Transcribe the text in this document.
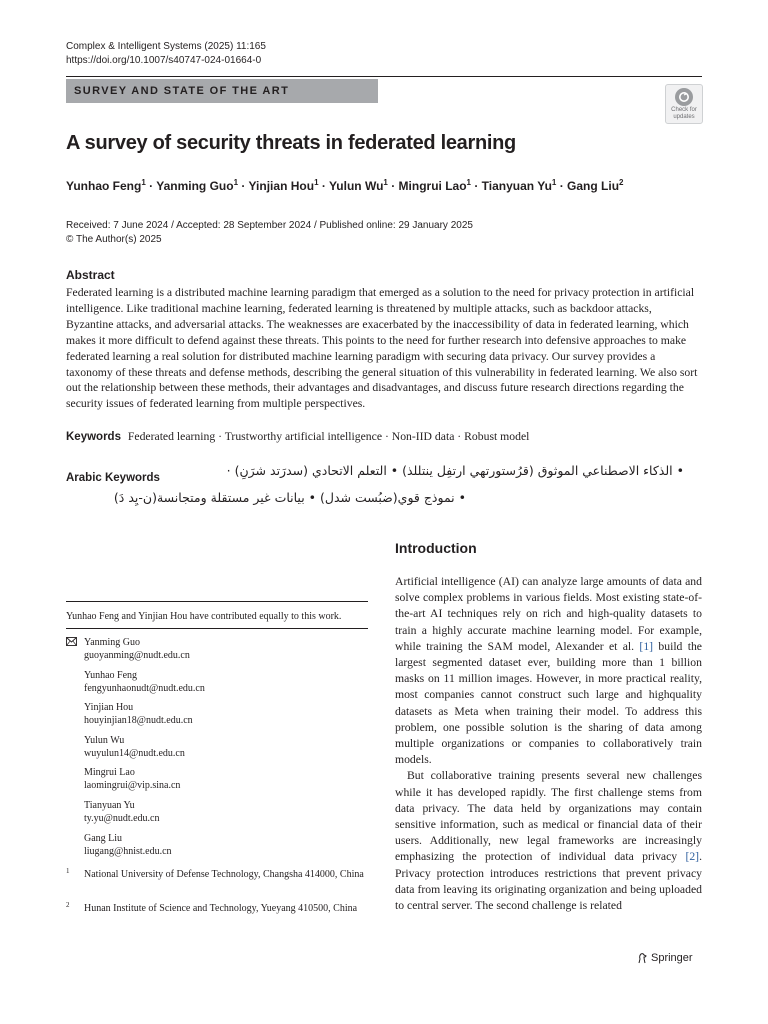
Complex & Intelligent Systems (2025) 11:165
https://doi.org/10.1007/s40747-024-01664-0
SURVEY AND STATE OF THE ART
Check for
updates
A survey of security threats in federated learning
Yunhao Feng$^1$ · Yanming Guo$^1$ · Yinjian Hou$^1$ · Yulun $Wu^1$ · Mingrui Lao$^1$ · Tianyuan $Yu^1$ · Gang Liu$^2$
Received: 7 June 2024 / Accepted: 28 September 2024 / Published online: 29 January 2025
© The Author(s) 2025
Abstract
Federated learning is a distributed machine learning paradigm that emerged as a solution to the need for privacy protection in artificial intelligence. Like traditional machine learning, federated learning is threatened by multiple attacks, such as backdoor attacks, Byzantine attacks, and adversarial attacks. The weaknesses are exacerbated by the inaccessibility of data in federated learning, which makes it more difficult to defend against these threats. This points to the need for further research into defensive approaches to make federated learning a real solution for distributed machine learning paradigm with securing data privacy. Our survey provides a taxonomy of these threats and defense methods, describing the general situation of this vulnerability in federated learning. We also sort out the relationship between these methods, their advantages and disadvantages, and discuss future research directions regarding the security issues of federated learning from multiple perspectives.
Keywords Federated learning · Trustworthy artificial intelligence · Non-IID data · Robust model
Arabic Keywords	• الذكاء الاصطناعي الموثوق (قرُستورتهي ارتفِل ينتللذ) • التعلم الاتحادي (سدرَتد شرَنِ) ·
• نموذج قوي(ضبُست شدل) • بيانات غير مستقلة ومتجانسة(ن-يِد دَ)
Introduction

Artificial intelligence (AI) can analyze large amounts of data and solve complex problems in various fields. Most existing state-of-the-art AI techniques rely on rich and high-quality datasets to train a highly accurate machine learning model. For example, while training the SAM model, Alexander et al. [1] build the largest segmented dataset ever, building more than 1 billion masks on 11 million images. However, in more practical reality, most companies cannot construct such large and highquality datasets as Meta when training their model. To address this problem, one possible solution is the sharing of data among multiple organizations or companies to collaboratively train models.

But collaborative training presents several new challenges while it has developed rapidly. The first challenge stems from data privacy. The data held by organizations may contain sensitive information, such as medical or financial data of their users. Additionally, new legal frameworks are increasingly emphasizing the protection of individual data privacy [2]. Privacy protection introduces restrictions that prevent privacy data from leaving its originating organization and being uploaded to central server. The second challenge is related

Yunhao Feng and Yinjian Hou have contributed equally to this work.
Yanming Guo
guoyanming@nudt.edu.cn
Yunhao Feng
fengyunhaonudt@nudt.edu.cn
Yinjian Hou
houyinjian18@nudt.edu.cn
Yulun Wu
wuyulun14@nudt.edu.cn
Mingrui Lao
laomingrui@vip.sina.cn
Tianyuan Yu
ty.yu@nudt.edu.cn
Gang Liu
liugang@hnist.edu.cn
1 National University of Defense Technology, Changsha 414000, China
2 Hunan Institute of Science and Technology, Yueyang 410500, China
Springer
